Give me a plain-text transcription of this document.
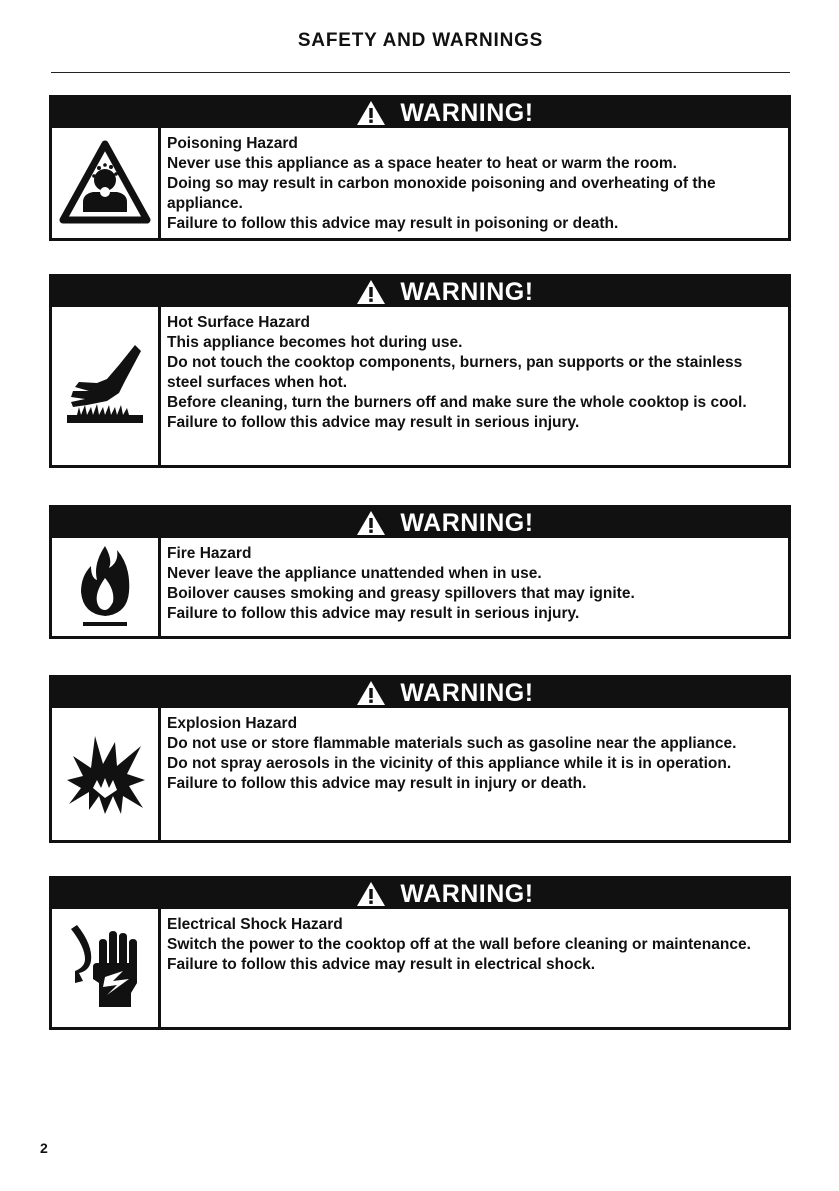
SAFETY AND WARNINGS
WARNING!
Poisoning Hazard
Never use this appliance as a space heater to heat or warm the room.
Doing so may result in carbon monoxide poisoning and overheating of the appliance.
Failure to follow this advice may result in poisoning or death.
WARNING!
Hot Surface Hazard
This appliance becomes hot during use.
Do not touch the cooktop components, burners, pan supports or the stainless steel surfaces when hot.
Before cleaning, turn the burners off and make sure the whole cooktop is cool.
Failure to follow this advice may result in serious injury.
WARNING!
Fire Hazard
Never leave the appliance unattended when in use.
Boilover causes smoking and greasy spillovers that may ignite.
Failure to follow this advice may result in serious injury.
WARNING!
Explosion Hazard
Do not use or store flammable materials such as gasoline near the appliance.
Do not spray aerosols in the vicinity of this appliance while it is in operation.
Failure to follow this advice may result in injury or death.
WARNING!
Electrical Shock Hazard
Switch the power to the cooktop off at the wall before cleaning or maintenance.
Failure to follow this advice may result in electrical shock.
2
